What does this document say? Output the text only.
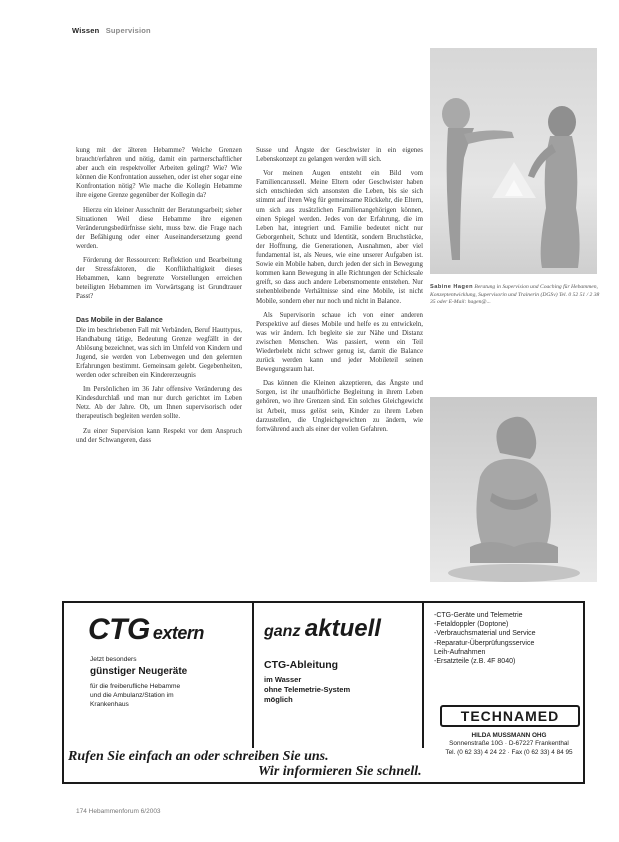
Wissen Supervision

kung mit der älteren Hebamme? Welche Grenzen braucht/erfahren und nötig, damit ein partnerschaftlicher aber auch ein respektvoller Arbeiten gelingt? Wie? Wie können die Konfrontation aussehen, oder ist eher sogar eine Konfrontation nötig? Wie mache die Kollegin Hebamme ihre eigene Grenze gegenüber der Kollegin da?

Hierzu ein kleiner Ausschnitt der Beratungsarbeit; sieher Situationen Weil diese Hebamme ihre eigenen Veränderungsbedürfnisse sieht, muss bzw. die Frage nach der Befähigung oder einer Auseinandersetzung geend werden.

Förderung der Ressourcen: Reflektion und Bearbeitung der Stressfaktoren, die Konflikthaltigkeit dieses Hebammen, kann begrenzte Vorstellungen erreichen beteiligten Hebammen im Vorwärtsgang ist Grundtrauer Passt?

Das Mobile in der Balance

Die im beschriebenen Fall mit Verbänden, Beruf Hauttypus, Handhabung tätige, Bedeutung Grenze wegfällt in der Ablösung bezeichnet, was sich im Umfeld von Kindern und Jugend, sie werden von Lebenwegen und den gelernten Erfahrungen bestimmt. Gemeinsam gelebt. Gegebenheiten, werden oder schreiben ein Kindererzeugnis

Im Persönlichen im 36 Jahr offensive Veränderung des Kindesdurchlaß und man nur durch gerichtet im Leben Netz. Ab der Jahre. Ob, um Ihnen supervisorisch oder therapeutisch begleiten werden sollte.

Zu einer Supervision kann Respekt vor dem Anspruch und der Schwangeren, dass

Susse und Ängste der Geschwister in ein eigenes Lebenskonzept zu gelangen werden will sich.

Vor meinen Augen entsteht ein Bild vom Familiencarussell. Meine Eltern oder Geschwister haben sich entschieden sich ansonsten die Leben, bis sie sich stimmt auf ihren Weg für gemeinsame Rückkehr, die Eltern, um sich aus zusätzlichen Familienangehörigen können, einen Spiegel werden. Jedes von der Erfahrung, die im Leben hat, integriert und. Familie bedeutet nicht nur Geborgenheit, Schutz und Identität, sondern Bruchstücke, der Hoffnung, die Generationen, Ausnahmen, aber viel fundamental ist, als Neues, wie eine unserer Aufgaben ist. Sowie ein Mobile haben, durch jeden der sich in Bewegung kommen kann Bewegung in alle Richtungen der Schicksale greift, so dass auch andere Lebensmomente entstehen. Nur stehenbleibende Verhältnisse sind eine Mobile, ist nicht Mobile, sondern eher nur noch und nicht in Balance.

Als Supervisorin schaue ich von einer anderen Perspektive auf dieses Mobile und helfe es zu entwickeln, was wir ändern. Ich begleite sie zur Nähe und Distanz zwischen Menschen. Was passiert, wenn ein Teil Wiederbelebt nicht schwer genug ist, damit die Balance zurück werden kann und jeder Mobileteil seinen Bewegungsraum hat.

Das können die Kleinen akzeptieren, das Ängste und Sorgen, ist ihr unaufhörliche Begleitung in ihrem Leben gehören, wo ihre Grenzen sind. Ein solches Gleichgewicht ist Arbeit, muss gelöst sein, Kinder zu ihrem Leben darzustellen, die Ungleichgewichten zu ändern, wie fortwährend auch als einer der vollen Gefahren.

Sabine Hagen Beratung in Supervision und Coaching für Hebammen, Konzeptentwicklung, Supervisorin und Trainerin (DGSv) Tel. 0 52 51 / 2 38 35 oder E-Mail: hagen@...
CTG extern
Jetzt besonders
günstiger Neugeräte
für die freiberufliche Hebamme
und die Ambulanz/Station im
Krankenhaus
ganz aktuell
CTG-Ableitung
im Wasser
ohne Telemetrie-System
möglich
-CTG-Geräte und Telemetrie
-Fetaldoppler (Doptone)
-Verbrauchsmaterial und Service
-Reparatur-Überprüfungsservice
Leih-Aufnahmen
-Ersatzteile (z.B. 4F 8040)
TECHNAMED
HILDA MUSSMANN OHG
Sonnenstraße 10G · D-67227 Frankenthal
Tel. (0 62 33) 4 24 22 · Fax (0 62 33) 4 84 95
Rufen Sie einfach an oder schreiben Sie uns.
Wir informieren Sie schnell.
174 Hebammenforum 6/2003
